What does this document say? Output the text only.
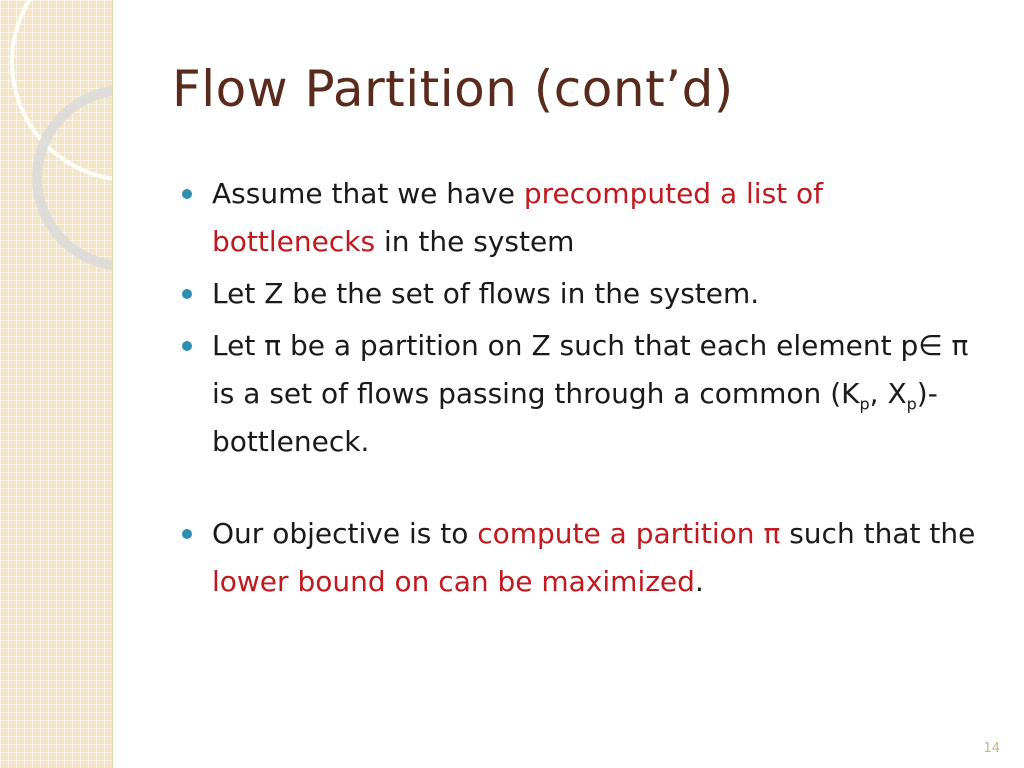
Flow Partition (cont’d)
Assume that we have precomputed a list of bottlenecks in the system
Let Z be the set of flows in the system.
Let π be a partition on Z such that each element p∈ π is a set of flows passing through a common ($K_p$, $X_p$)-bottleneck.
Our objective is to compute a partition π such that the lower bound on can be maximized.
14
